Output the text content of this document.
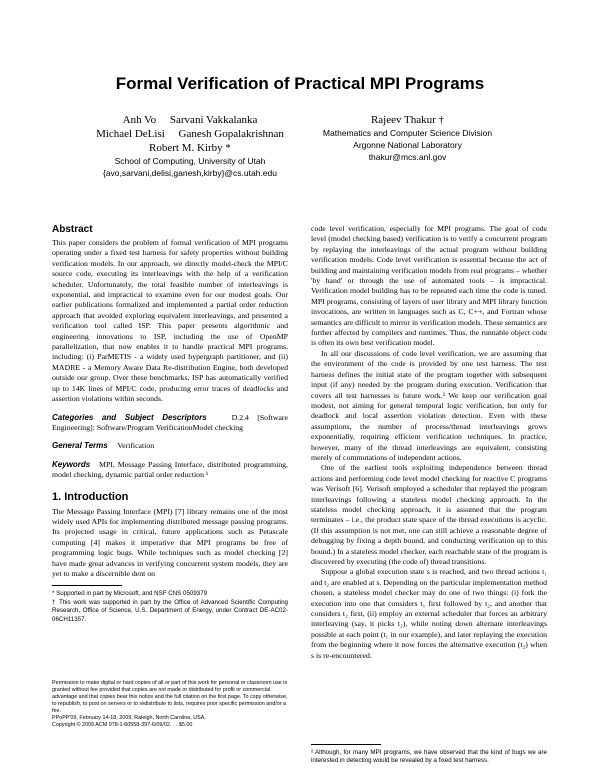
Formal Verification of Practical MPI Programs
Anh Vo     Sarvani Vakkalanka
Michael DeLisi     Ganesh Gopalakrishnan
Robert M. Kirby *
School of Computing, University of Utah
{avo,sarvani,delisi,ganesh,kirby}@cs.utah.edu
Rajeev Thakur †
Mathematics and Computer Science Division
Argonne National Laboratory
thakur@mcs.anl.gov
Abstract

This paper considers the problem of formal verification of MPI programs operating under a fixed test harness for safety properties without building verification models. In our approach, we directly model-check the MPI/C source code, executing its interleavings with the help of a verification scheduler. Unfortunately, the total feasible number of interleavings is exponential, and impractical to examine even for our modest goals. Our earlier publications formalized and implemented a partial order reduction approach that avoided exploring equivalent interleavings, and presented a verification tool called ISP. This paper presents algorithmic and engineering innovations to ISP, including the use of OpenMP parallelization, that now enables it to handle practical MPI programs, including: (i) ParMETIS - a widely used hypergraph partitioner, and (ii) MADRE - a Memory Aware Data Re-distribution Engine, both developed outside our group. Over these benchmarks, ISP has automatically verified up to 14K lines of MPI/C code, producing error traces of deadlocks and assertion violations within seconds.

Categories and Subject Descriptors	D.2.4 [Software Engineering]: Software/Program VerificationModel checking

General Terms Verification

Keywords MPI, Message Passing Interface, distributed programming, model checking, dynamic partial order reduction ¹

1. Introduction

The Message Passing Interface (MPI) [7] library remains one of the most widely used APIs for implementing distributed message passing programs. Its projected usage in critical, future applications such as Petascale computing [4] makes it imperative that MPI programs be free of programming logic bugs. While techniques such as model checking [2] have made great advances in verifying concurrent system models, they are yet to make a discernible dent on

* Supported in part by Microsoft, and NSF CNS 0509379
† This work was supported in part by the Office of Advanced Scientific Computing Research, Office of Science, U.S. Department of Energy, under Contract DE-AC02-06CH11357.
Permission to make digital or hard copies of all or part of this work for personal or classroom use is granted without fee provided that copies are not made or distributed for profit or commercial advantage and that copies bear this notice and the full citation on the first page. To copy otherwise, to republish, to post on servers or to redistribute to lists, requires prior specific permission and/or a fee.
PPoPP'09, February 14-18, 2009, Raleigh, North Carolina, USA.
Copyright © 2009 ACM 978-1-60558-397-6/09/02. . . $5.00

code level verification, especially for MPI programs. The goal of code level (model checking based) verification is to verify a concurrent program by replaying the interleavings of the actual program without building verification models. Code level verification is essential because the act of building and maintaining verification models from real programs – whether 'by hand' or through the use of automated tools – is impractical. Verification model building has to be repeated each time the code is tuned. MPI programs, consisting of layers of user library and MPI library function invocations, are written in languages such as C, C++, and Fortran whose semantics are difficult to mirror in verification models. These semantics are further affected by compilers and runtimes. Thus, the runnable object code is often its own best verification model.

In all our discussions of code level verification, we are assuming that the environment of the code is provided by one test harness. The test harness defines the initial state of the program together with subsequent input (if any) needed by the program during execution. Verification that covers all test harnesses is future work.² We keep our verification goal modest, not aiming for general temporal logic verification, but only for deadlock and local assertion violation detection. Even with these assumptions, the number of process/thread interleavings grows exponentially, requiring efficient verification techniques. In practice, however, many of the thread interleavings are equivalent, consisting merely of commutations of independent actions.

One of the earliest tools exploiting independence between thread actions and performing code level model checking for reactive C programs was Verisoft [6]. Verisoft employed a scheduler that replayed the program interleavings following a stateless model checking approach. In the stateless model checking approach, it is assumed that the program terminates – i.e., the product state space of the thread executions is acyclic. (If this assumption is not met, one can still achieve a reasonable degree of debugging by fixing a depth bound, and conducting verification up to this bound.) In a stateless model checker, each reachable state of the program is discovered by executing (the code of) thread transitions.

Suppose a global execution state s is reached, and two thread actions t₁ and t₂ are enabled at s. Depending on the particular implementation method chosen, a stateless model checker may do one of two things: (i) fork the execution into one that considers t₁ first followed by t₂, and another that considers t₂ first, (ii) employ an external scheduler that forces an arbitrary interleaving (say, it picks t₂), while noting down alternate interleavings possible at each point (t₁ in our example), and later replaying the execution from the beginning where it now forces the alternative execution (t₂) when s is re-encountered.

² Although, for many MPI programs, we have observed that the kind of bugs we are interested in detecting would be revealed by a fixed test harness.
